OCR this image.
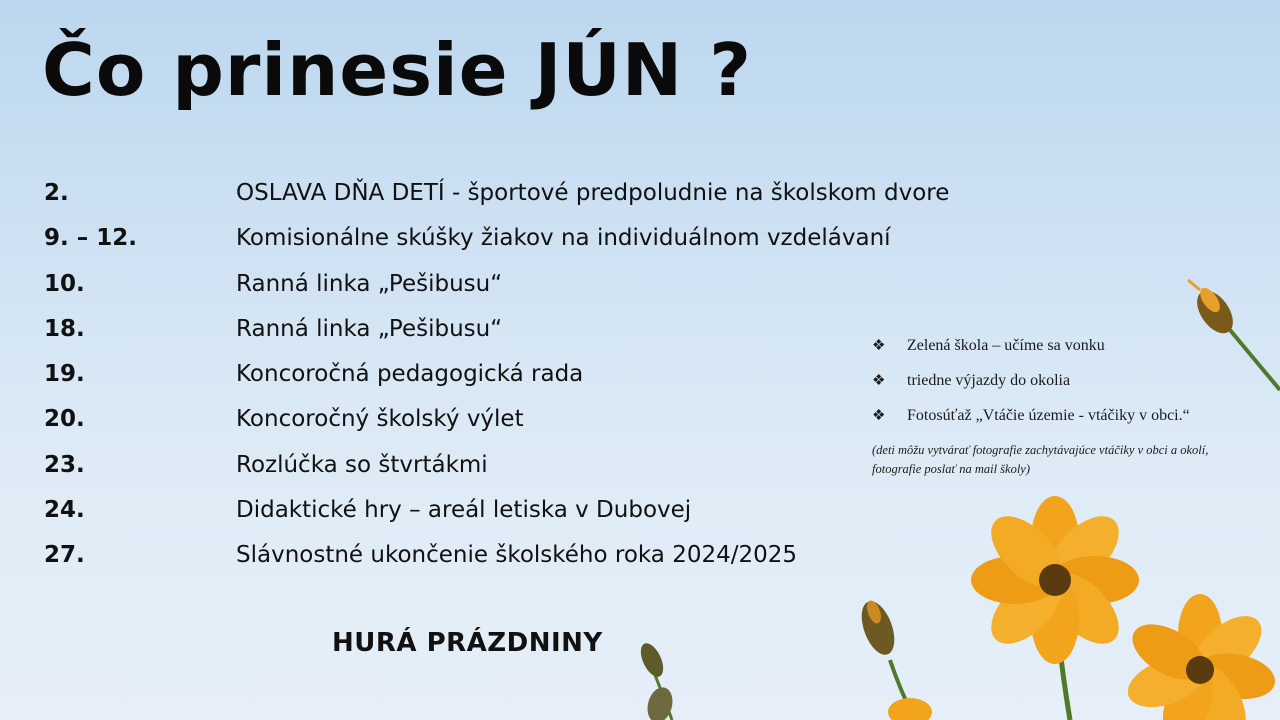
Čo prinesie JÚN ?
2.	OSLAVA DŇA DETÍ - športové predpoludnie na školskom dvore
9. – 12.	Komisionálne skúšky žiakov na individuálnom vzdelávaní
10.	Ranná linka „Pešibusu“
18.	Ranná linka „Pešibusu“
19.	Koncoročná pedagogická rada
20.	Koncoročný školský výlet
23.	Rozlúčka so štvrtákmi
24.	Didaktické hry – areál letiska v Dubovej
27.	Slávnostné ukončenie školského roka 2024/2025
❖ Zelená škola – učíme sa vonku
❖ triedne výjazdy do okolia
❖ Fotosúťaž „Vtáčie územie - vtáčiky v obci.“
(deti môžu vytvárať fotografie zachytávajúce vtáčiky v obci a okolí, fotografie poslať na mail školy)
HURÁ PRÁZDNINY
